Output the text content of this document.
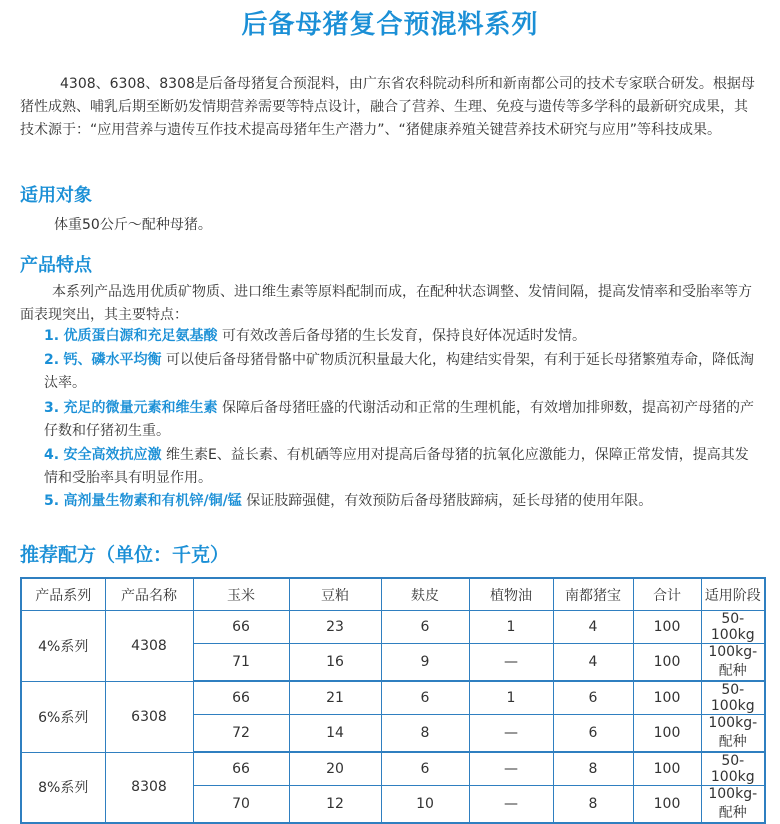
后备母猪复合预混料系列
4308、6308、8308是后备母猪复合预混料，由广东省农科院动科所和新南都公司的技术专家联合研发。根据母猪性成熟、哺乳后期至断奶发情期营养需要等特点设计，融合了营养、生理、免疫与遗传等多学科的最新研究成果，其技术源于：“应用营养与遗传互作技术提高母猪年生产潜力”、“猪健康养殖关键营养技术研究与应用”等科技成果。
适用对象
体重50公斤～配种母猪。
产品特点
本系列产品选用优质矿物质、进口维生素等原料配制而成，在配种状态调整、发情间隔，提高发情率和受胎率等方面表现突出，其主要特点：
1. 优质蛋白源和充足氨基酸 可有效改善后备母猪的生长发育，保持良好体况适时发情。
2. 钙、磷水平均衡 可以使后备母猪骨骼中矿物质沉积量最大化，构建结实骨架，有利于延长母猪繁殖寿命，降低淘汰率。
3. 充足的微量元素和维生素 保障后备母猪旺盛的代谢活动和正常的生理机能，有效增加排卵数，提高初产母猪的产仔数和仔猪初生重。
4. 安全高效抗应激 维生素E、益长素、有机硒等应用对提高后备母猪的抗氧化应激能力，保障正常发情，提高其发情和受胎率具有明显作用。
5. 高剂量生物素和有机锌/铜/锰 保证肢蹄强健，有效预防后备母猪肢蹄病，延长母猪的使用年限。
推荐配方（单位：千克）
产品系列	产品名称	玉米	豆粕	麸皮	植物油	南都猪宝	合计	适用阶段
4%系列	4308	66	23	6	1	4	100	50-100kg
		71	16	9	—	4	100	100kg-配种
6%系列	6308	66	21	6	1	6	100	50-100kg
		72	14	8	—	6	100	100kg-配种
8%系列	8308	66	20	6	—	8	100	50-100kg
		70	12	10	—	8	100	100kg-配种
